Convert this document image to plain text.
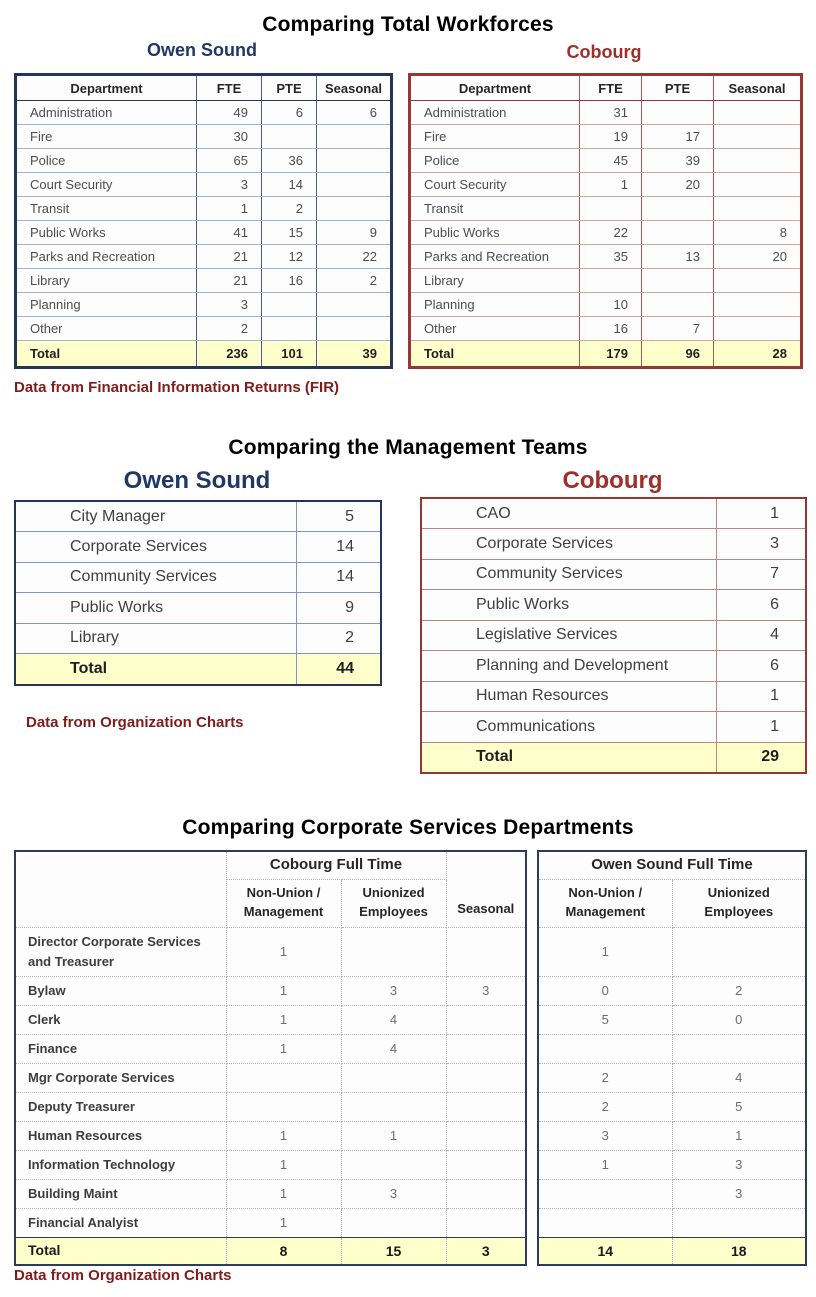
Comparing Total Workforces
Owen Sound	Cobourg
Department	FTE	PTE	Seasonal
Administration	49	6	6
Fire	30		
Police	65	36	
Court Security	3	14	
Transit	1	2	
Public Works	41	15	9
Parks and Recreation	21	12	22
Library	21	16	2
Planning	3		
Other	2		
Total	236	101	39
Department	FTE	PTE	Seasonal
Administration	31		
Fire	19	17	
Police	45	39	
Court Security	1	20	
Transit			
Public Works	22		8
Parks and Recreation	35	13	20
Library			
Planning	10		
Other	16	7	
Total	179	96	28
Data from Financial Information Returns (FIR)
Comparing the Management Teams
Owen Sound	Cobourg
City Manager	5
Corporate Services	14
Community Services	14
Public Works	9
Library	2
Total	44
CAO	1
Corporate Services	3
Community Services	7
Public Works	6
Legislative Services	4
Planning and Development	6
Human Resources	1
Communications	1
Total	29
Data from Organization Charts
Comparing Corporate Services Departments
	Cobourg Full Time		Seasonal
	Non-Union / Management	Unionized Employees	
Director Corporate Services and Treasurer	1		
Bylaw	1	3	3
Clerk	1	4	
Finance	1	4	
Mgr Corporate Services			
Deputy Treasurer			
Human Resources	1	1	
Information Technology	1		
Building Maint	1	3	
Financial Analyist	1		
Total	8	15	3
Owen Sound Full Time	
Non-Union / Management	Unionized Employees
1	
0	2
5	0

2	4
2	5
3	1
1	3
	3

14	18
Data from Organization Charts
